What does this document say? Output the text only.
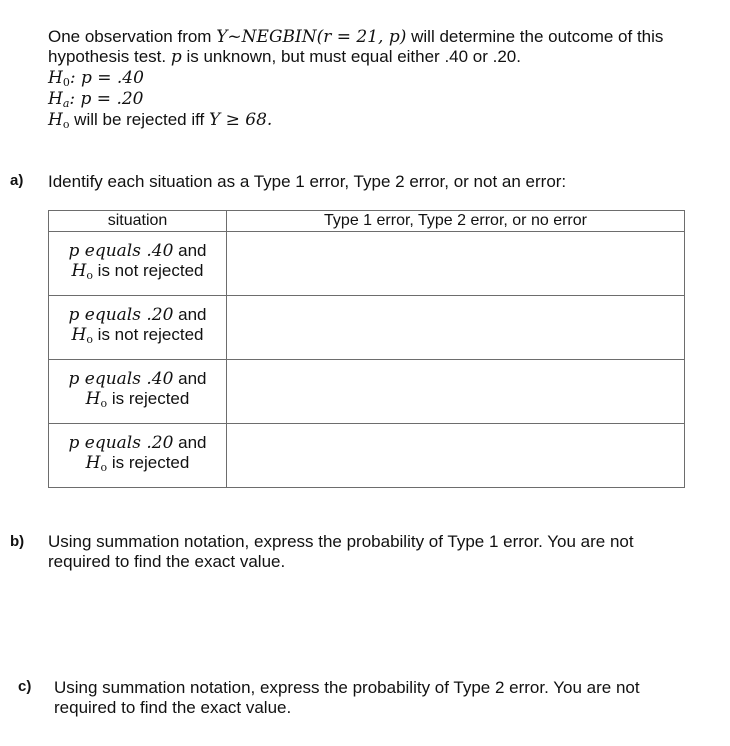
One observation from Y~NEGBIN(r = 21, p) will determine the outcome of this
hypothesis test. p is unknown, but must equal either .40 or .20.
$H_0$: p = .40
$H_a$: p = .20
$H_o$ will be rejected iff Y ≥ 68.
a) Identify each situation as a Type 1 error, Type 2 error, or not an error:
situation	Type 1 error, Type 2 error, or no error

p equals .40 and
$H_o$ is not rejected	

p equals .20 and
$H_o$ is not rejected	

p equals .40 and
$H_o$ is rejected	

p equals .20 and
$H_o$ is rejected	

b) Using summation notation, express the probability of Type 1 error. You are not
required to find the exact value.
c) Using summation notation, express the probability of Type 2 error. You are not
required to find the exact value.
